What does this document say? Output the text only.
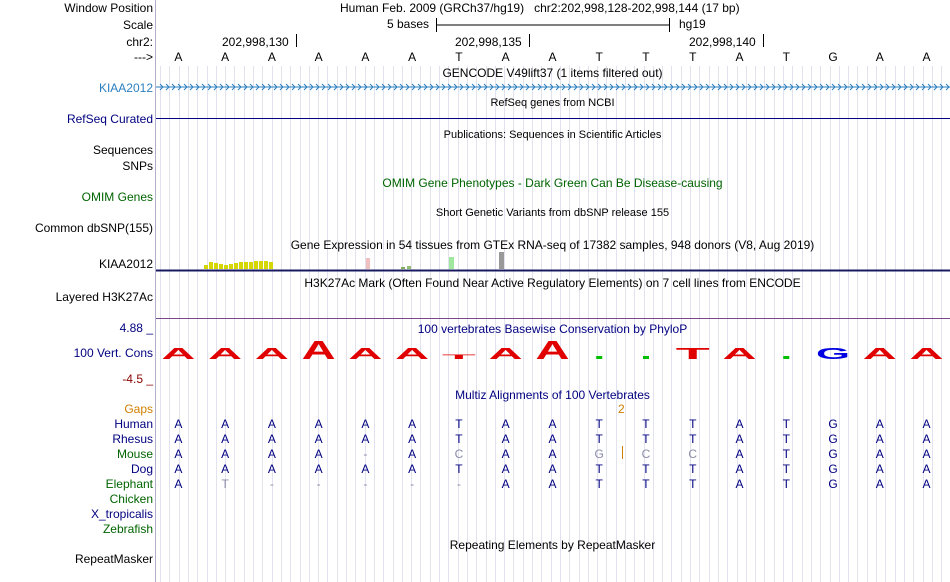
Window Position	Human Feb. 2009 (GRCh37/hg19)   chr2:202,998,128-202,998,144 (17 bp)
Scale	5 bases	hg19
chr2:	202,998,130	202,998,135	202,998,140
--->	A	A	A	A	A	A	T	A	A	T	T	T	A	T	G	A	A
GENCODE V49lift37 (1 items filtered out)
KIAA2012
RefSeq genes from NCBI
RefSeq Curated
Publications: Sequences in Scientific Articles
Sequences
SNPs
OMIM Gene Phenotypes - Dark Green Can Be Disease-causing
OMIM Genes
Short Genetic Variants from dbSNP release 155
Common dbSNP(155)
Gene Expression in 54 tissues from GTEx RNA-seq of 17382 samples, 948 donors (V8, Aug 2019)
KIAA2012
H3K27Ac Mark (Often Found Near Active Regulatory Elements) on 7 cell lines from ENCODE
Layered H3K27Ac
100 vertebrates Basewise Conservation by PhyloP
4.88 _
100 Vert. Cons
-4.5 _
A A A A A A T A A	T A	G A A
Multiz Alignments of 100 Vertebrates
Gaps	2
Human	A	A	A	A	A	A	T	A	A	T	T	T	A	T	G	A	A
Rhesus	A	A	A	A	A	A	T	A	A	T	T	T	A	T	G	A	A
Mouse	A	A	A	A	-	A	C	A	A	G	C	C	A	T	G	A	A
Dog	A	A	A	A	A	A	T	A	A	T	T	T	A	T	G	A	A
Elephant	A	T	-	-	-	-	-	A	A	T	T	T	A	T	G	A	A
Chicken
X_tropicalis
Zebrafish
Repeating Elements by RepeatMasker
RepeatMasker
